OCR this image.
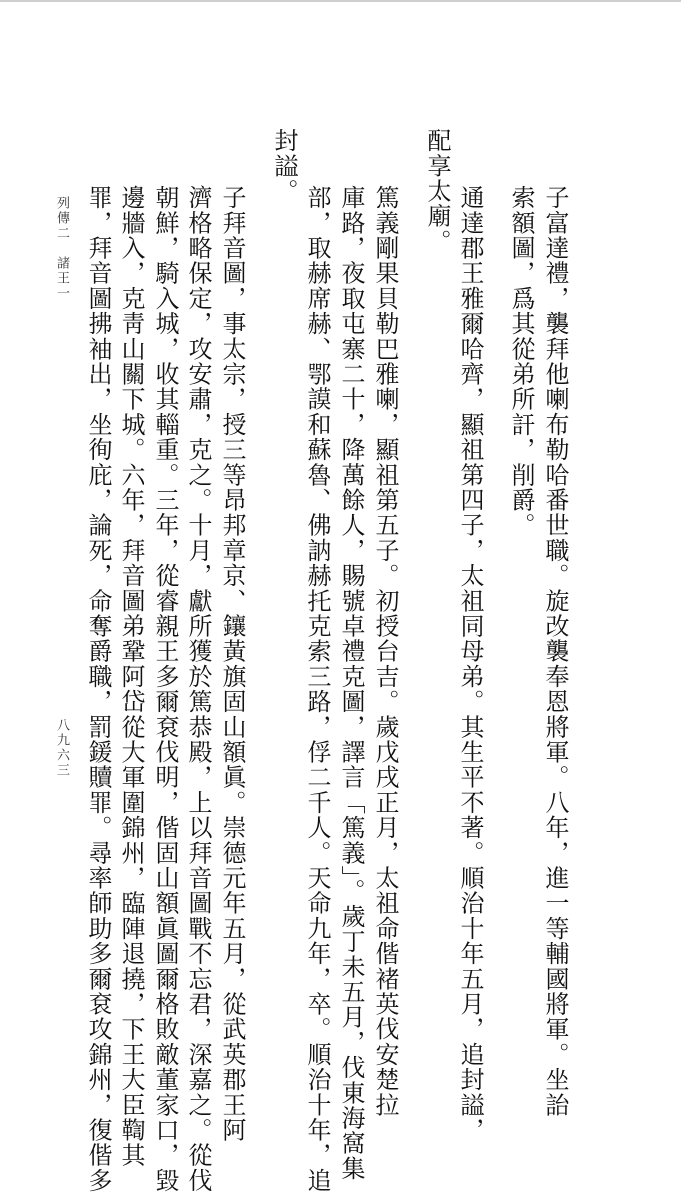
子富達禮，襲拜他喇布勒哈番世職。旋改襲奉恩將軍。八年，進一等輔國將軍。坐詒
索額圖，爲其從弟所訐，削爵。
通達郡王雅爾哈齊，顯祖第四子，太祖同母弟。其生平不著。順治十年五月，追封謚，
配享太廟。
篤義剛果貝勒巴雅喇，顯祖第五子。初授台吉。歲戊戌正月，太祖命偕褚英伐安楚拉
庫路，夜取屯寨二十，降萬餘人，賜號卓禮克圖，譯言「篤義」。歲丁未五月，伐東海窩集
部，取赫席赫、鄂謨和蘇魯、佛訥赫托克索三路，俘二千人。天命九年，卒。順治十年，追
封謚。
子拜音圖，事太宗，授三等昂邦章京、鑲黃旗固山額眞。崇德元年五月，從武英郡王阿
濟格略保定，攻安肅，克之。十月，獻所獲於篤恭殿，上以拜音圖戰不忘君，深嘉之。從伐
朝鮮，騎入城，收其輜重。三年，從睿親王多爾袞伐明，偕固山額眞圖爾格敗敵董家口，毀
邊牆入，克靑山關下城。六年，拜音圖弟鞏阿岱從大軍圍錦州，臨陣退撓，下王大臣鞫其
罪，拜音圖拂袖出，坐徇庇，論死，命奪爵職，罰鍰贖罪。尋率師助多爾袞攻錦州，復偕多
列傳二　諸王一
八九六三
